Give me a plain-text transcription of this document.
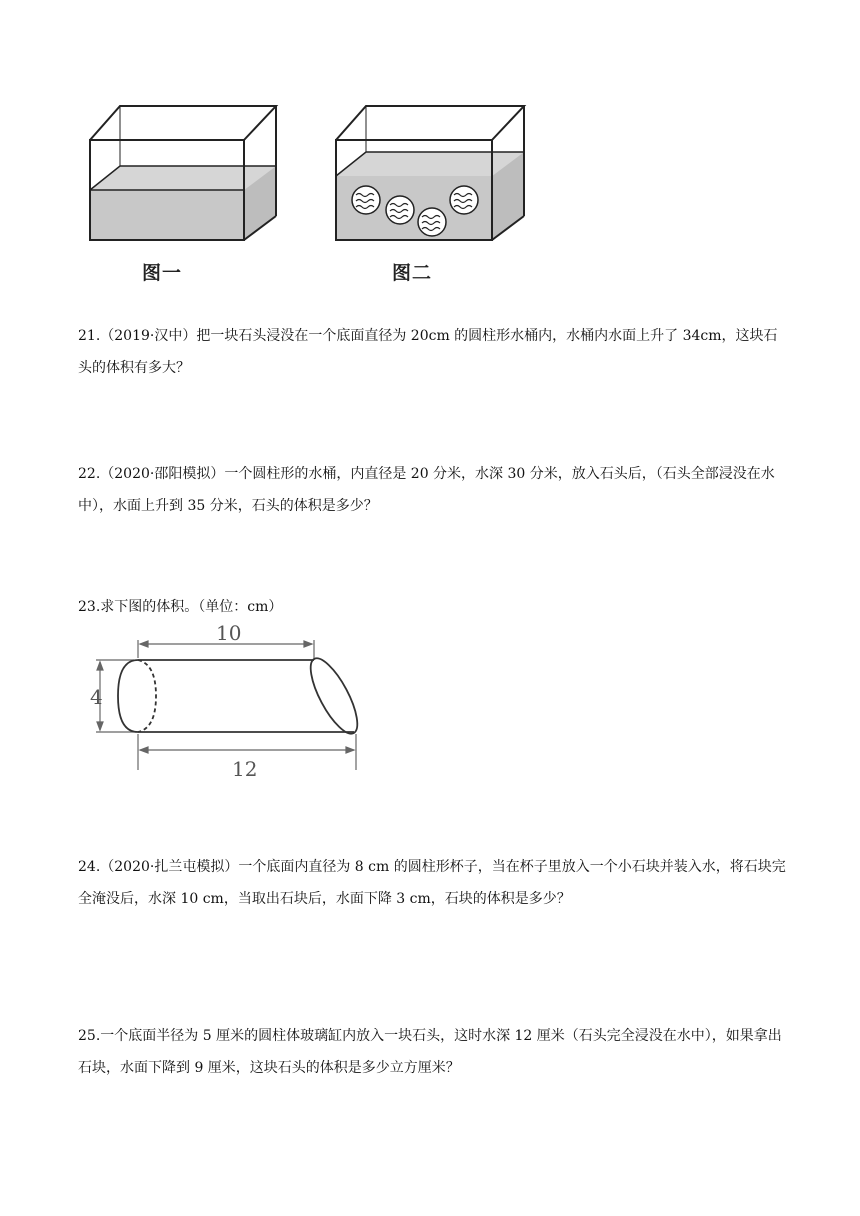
图一	图二

21.（2019·汉中）把一块石头浸没在一个底面直径为 20cm 的圆柱形水桶内，水桶内水面上升了 34cm，这块石头的体积有多大？

22.（2020·邵阳模拟）一个圆柱形的水桶，内直径是 20 分米，水深 30 分米，放入石头后，（石头全部浸没在水中），水面上升到 35 分米，石头的体积是多少？

23.求下图的体积。（单位：cm）

10
4
12

24.（2020·扎兰屯模拟）一个底面内直径为 8 cm 的圆柱形杯子，当在杯子里放入一个小石块并装入水，将石块完全淹没后，水深 10 cm，当取出石块后，水面下降 3 cm，石块的体积是多少？

25.一个底面半径为 5 厘米的圆柱体玻璃缸内放入一块石头，这时水深 12 厘米（石头完全浸没在水中），如果拿出石块，水面下降到 9 厘米，这块石头的体积是多少立方厘米？
